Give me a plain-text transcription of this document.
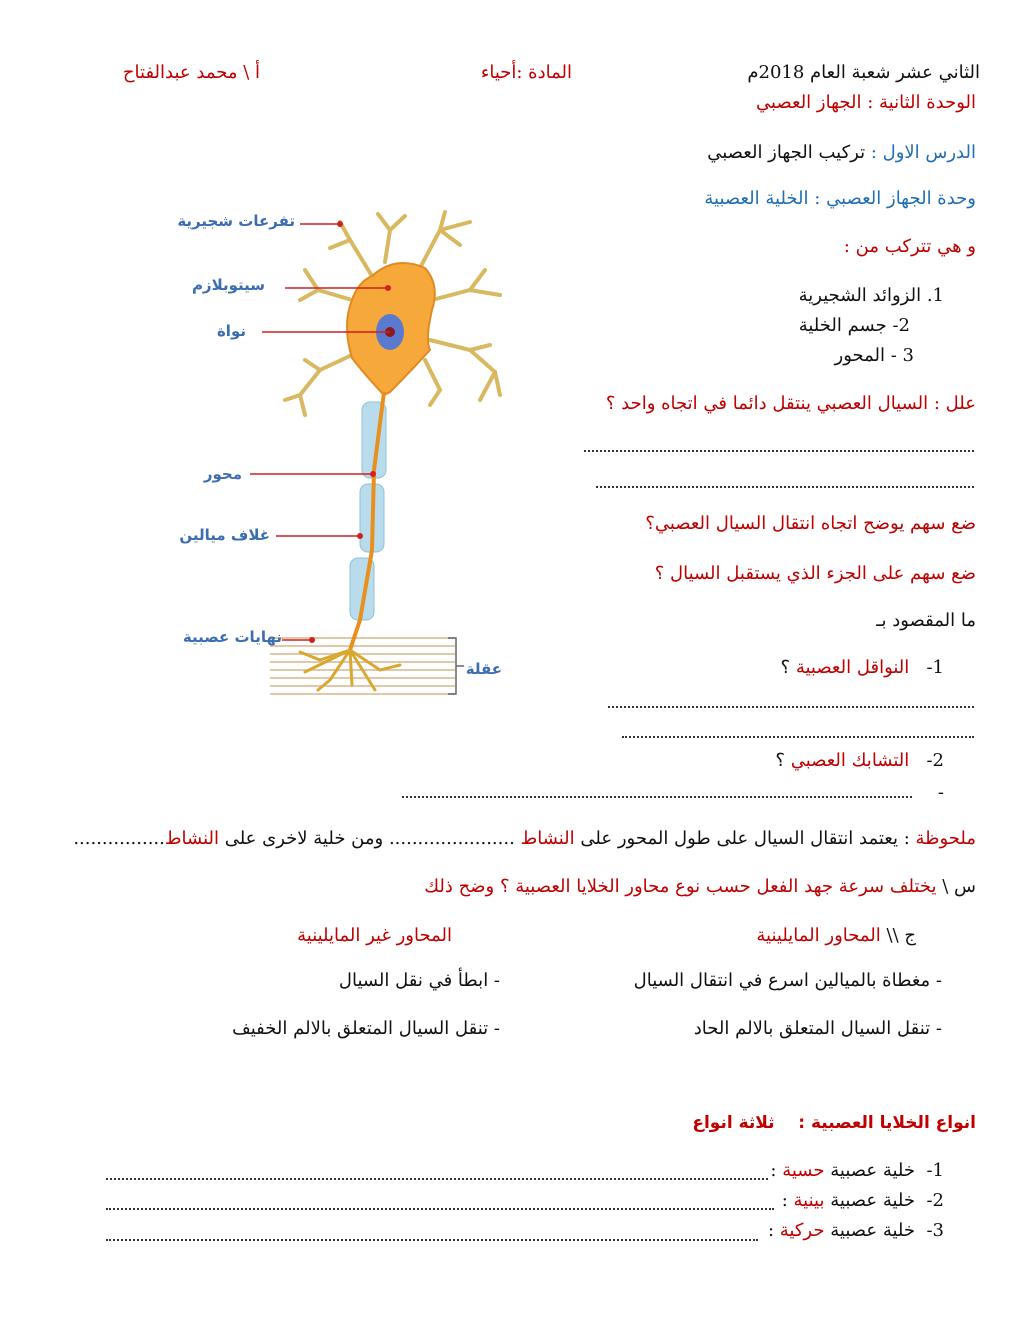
الثاني عشر شعبة العام 2018م
المادة :أحياء
أ \ محمد عبدالفتاح
الوحدة الثانية : الجهاز العصبي
الدرس الاول : تركيب الجهاز العصبي
وحدة الجهاز العصبي : الخلية العصبية
و هي تتركب من :
1. الزوائد الشجيرية
2- جسم الخلية
3 - المحور
علل : السيال العصبي ينتقل دائما في اتجاه واحد ؟
ضع سهم يوضح اتجاه انتقال السيال العصبي؟
ضع سهم على الجزء الذي يستقبل السيال ؟
ما المقصود بـ
1-   النواقل العصبية ؟
2-   التشابك العصبي ؟
-
ملحوظة : يعتمد انتقال السيال على طول المحور على النشاط ...................... ومن خلية لاخرى على النشاط................
س \ يختلف سرعة جهد الفعل حسب نوع محاور الخلايا العصبية ؟ وضح ذلك
ج \\ المحاور المايلينية
المحاور غير المايلينية
- مغطاة بالميالين اسرع في انتقال السيال
- ابطأ في نقل السيال
- تنقل السيال المتعلق بالالم الحاد
- تنقل السيال المتعلق بالالم الخفيف
انواع الخلايا العصبية :    ثلاثة انواع
1-  خلية عصبية حسية :
2-  خلية عصبية بينية :
3-  خلية عصبية حركية :
تفرعات شجيرية
سيتوبلازم
نواة
محور
غلاف ميالين
نهايات عصبية
عقلة
